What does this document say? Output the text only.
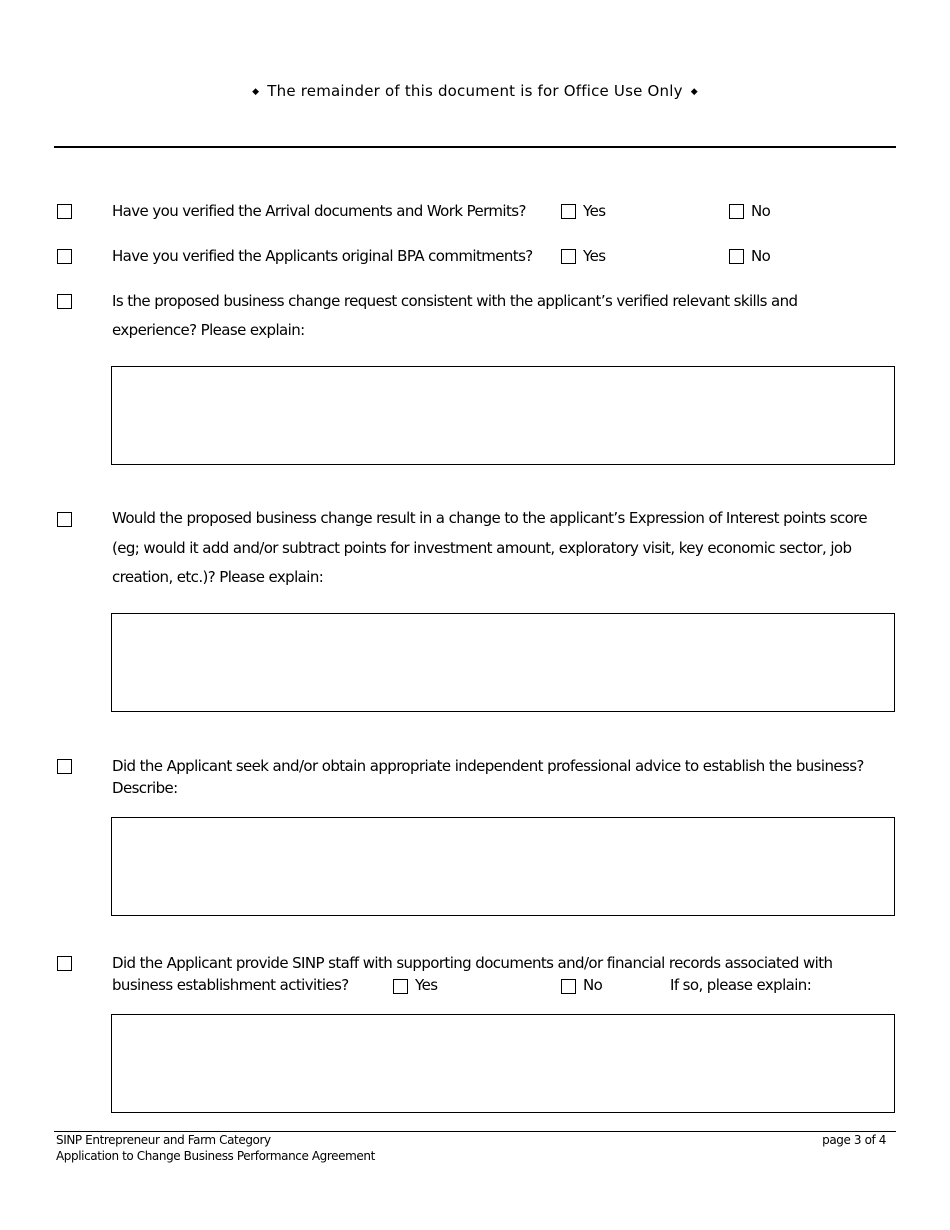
◆ The remainder of this document is for Office Use Only ◆
Have you verified the Arrival documents and Work Permits?	Yes	No
Have you verified the Applicants original BPA commitments?	Yes	No
Is the proposed business change request consistent with the applicant’s verified relevant skills and
experience? Please explain:
Would the proposed business change result in a change to the applicant’s Expression of Interest points score
(eg; would it add and/or subtract points for investment amount, exploratory visit, key economic sector, job
creation, etc.)? Please explain:
Did the Applicant seek and/or obtain appropriate independent professional advice to establish the business?
Describe:
Did the Applicant provide SINP staff with supporting documents and/or financial records associated with
business establishment activities?	Yes	No	If so, please explain:
SINP Entrepreneur and Farm Category
Application to Change Business Performance Agreement
page 3 of 4
